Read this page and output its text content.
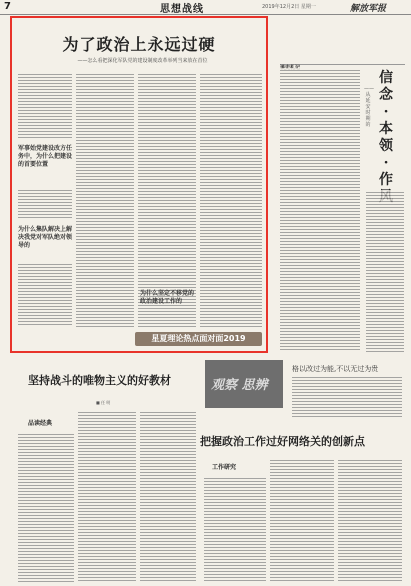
7	思想战线	2019年12月2日 星期一	解放军报
为了政治上永远过硬
——怎么看把深化军队党的建设制度改革举列当来放在首位
军事始党建设改方任务中，为什么把建设的首要位置
为什么集队解决上解决我党对军队绝对领导的
为什么坚定不移党的政治建设工作的
星夏理论热点面对面2019
信念·本领·作
——从延安时期的
坚持战斗的唯物主义的好教材
■ 任 明
品读经典
观察 思辨
格以改过为能,不以无过为贵
把握政治工作过好网络关的创新点
工作研究
